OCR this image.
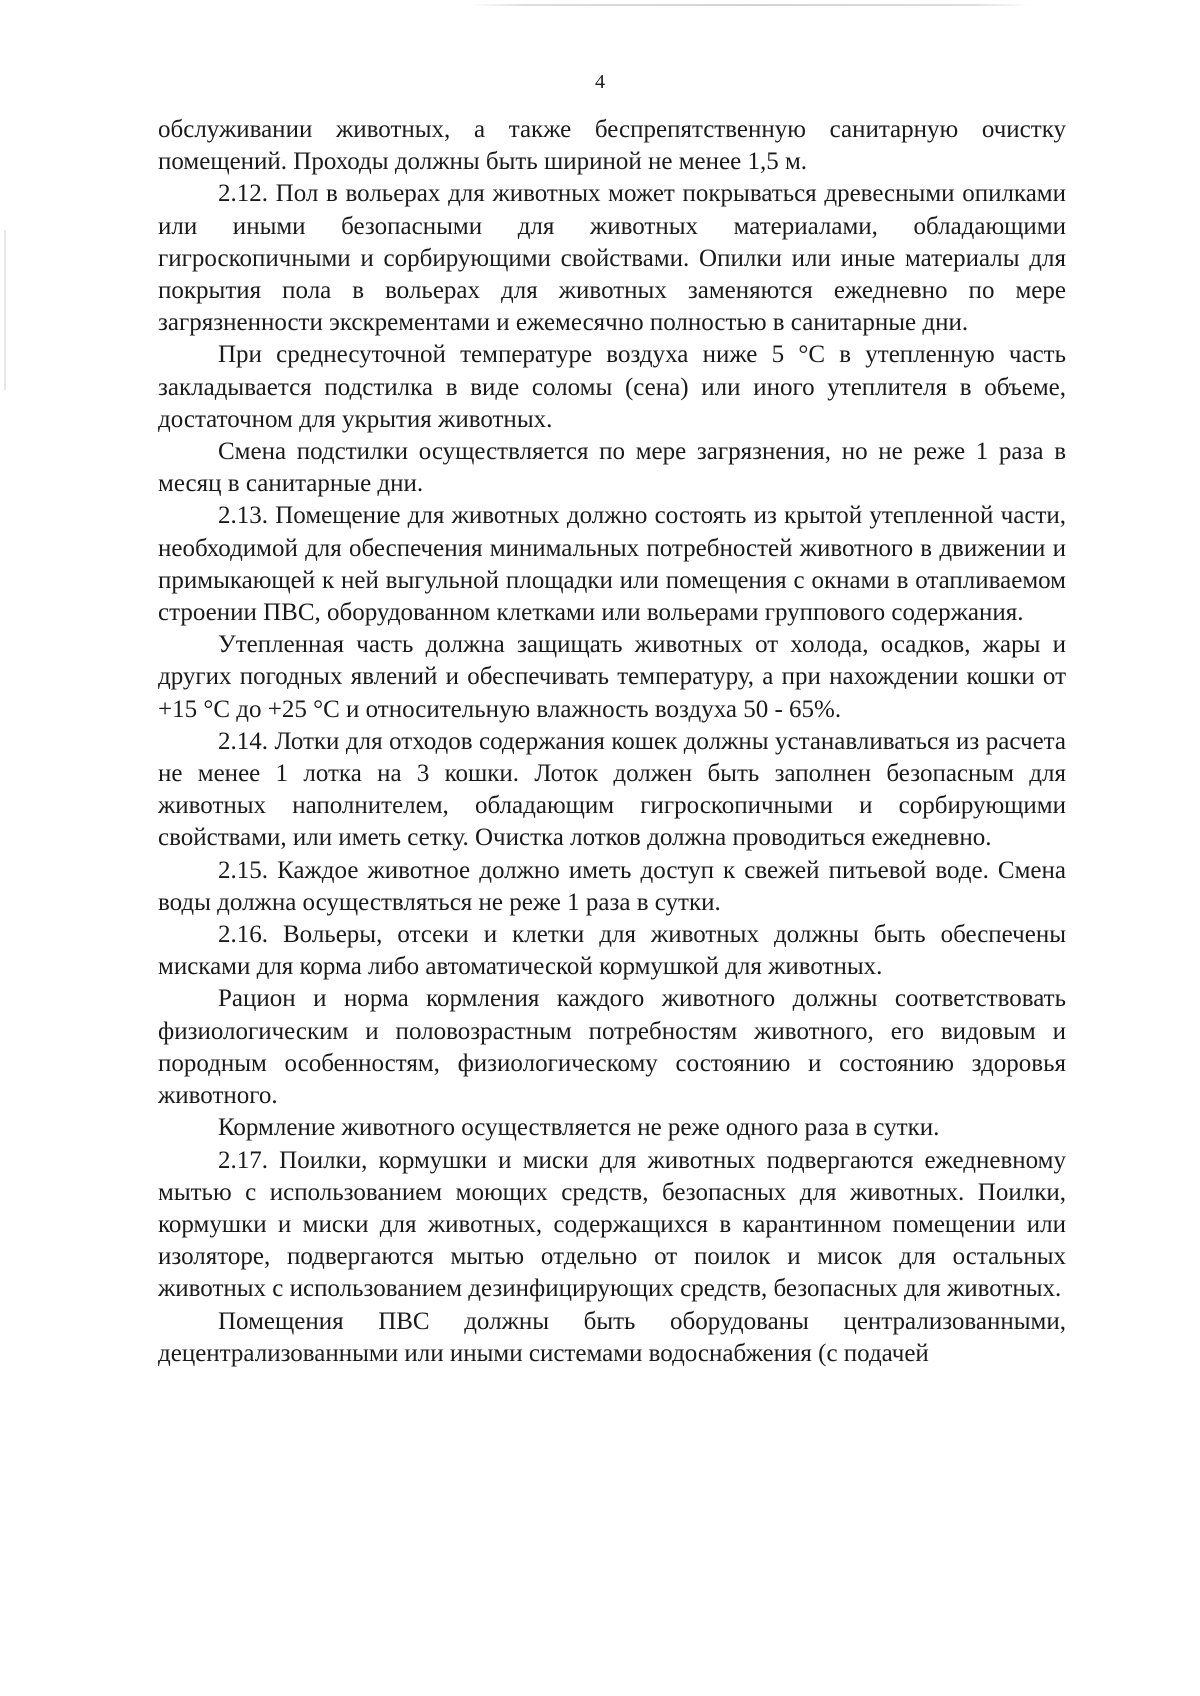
4

обслуживании животных, а также беспрепятственную санитарную очистку помещений. Проходы должны быть шириной не менее 1,5 м.

2.12. Пол в вольерах для животных может покрываться древесными опилками или иными безопасными для животных материалами, обладающими гигроскопичными и сорбирующими свойствами. Опилки или иные материалы для покрытия пола в вольерах для животных заменяются ежедневно по мере загрязненности экскрементами и ежемесячно полностью в санитарные дни.

При среднесуточной температуре воздуха ниже 5 °С в утепленную часть закладывается подстилка в виде соломы (сена) или иного утеплителя в объеме, достаточном для укрытия животных.

Смена подстилки осуществляется по мере загрязнения, но не реже 1 раза в месяц в санитарные дни.

2.13. Помещение для животных должно состоять из крытой утепленной части, необходимой для обеспечения минимальных потребностей животного в движении и примыкающей к ней выгульной площадки или помещения с окнами в отапливаемом строении ПВС, оборудованном клетками или вольерами группового содержания.

Утепленная часть должна защищать животных от холода, осадков, жары и других погодных явлений и обеспечивать температуру, а при нахождении кошки от +15 °С до +25 °С и относительную влажность воздуха 50 - 65%.

2.14. Лотки для отходов содержания кошек должны устанавливаться из расчета не менее 1 лотка на 3 кошки. Лоток должен быть заполнен безопасным для животных наполнителем, обладающим гигроскопичными и сорбирующими свойствами, или иметь сетку. Очистка лотков должна проводиться ежедневно.

2.15. Каждое животное должно иметь доступ к свежей питьевой воде. Смена воды должна осуществляться не реже 1 раза в сутки.

2.16. Вольеры, отсеки и клетки для животных должны быть обеспечены мисками для корма либо автоматической кормушкой для животных.

Рацион и норма кормления каждого животного должны соответствовать физиологическим и половозрастным потребностям животного, его видовым и породным особенностям, физиологическому состоянию и состоянию здоровья животного.

Кормление животного осуществляется не реже одного раза в сутки.

2.17. Поилки, кормушки и миски для животных подвергаются ежедневному мытью с использованием моющих средств, безопасных для животных. Поилки, кормушки и миски для животных, содержащихся в карантинном помещении или изоляторе, подвергаются мытью отдельно от поилок и мисок для остальных животных с использованием дезинфицирующих средств, безопасных для животных.

Помещения ПВС должны быть оборудованы централизованными, децентрализованными или иными системами водоснабжения (с подачей
